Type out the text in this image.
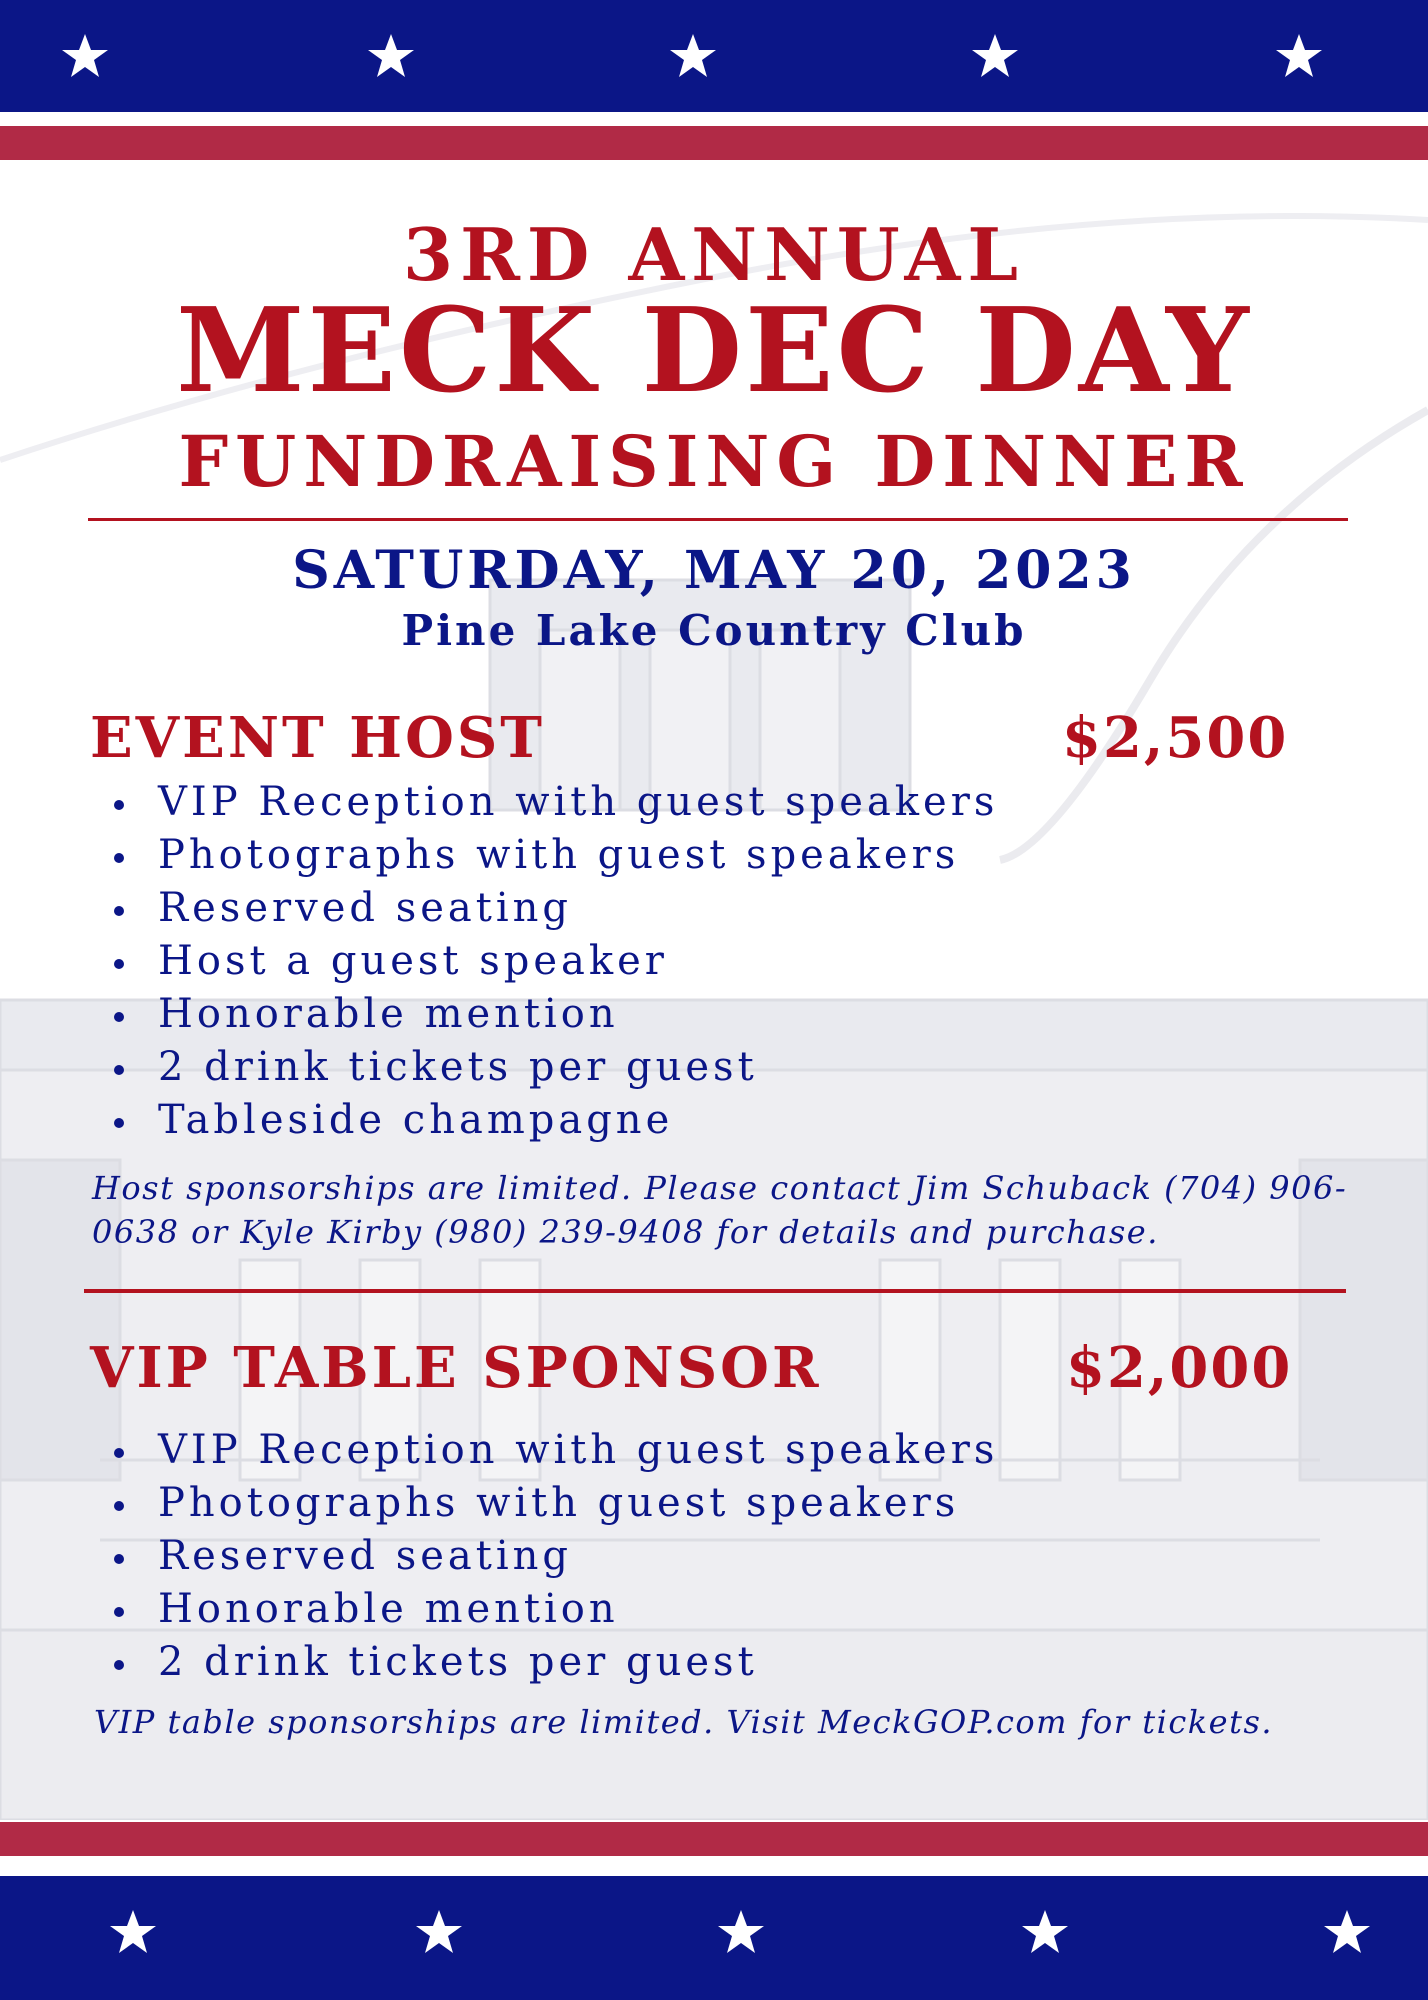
3RD ANNUAL
MECK DEC DAY
FUNDRAISING DINNER
SATURDAY, MAY 20, 2023
Pine Lake Country Club
EVENT HOST	$2,500
VIP Reception with guest speakers
Photographs with guest speakers
Reserved seating
Host a guest speaker
Honorable mention
2 drink tickets per guest
Tableside champagne
Host sponsorships are limited. Please contact Jim Schuback (704) 906-0638 or Kyle Kirby (980) 239-9408 for details and purchase.
VIP TABLE SPONSOR	$2,000
VIP Reception with guest speakers
Photographs with guest speakers
Reserved seating
Honorable mention
2 drink tickets per guest
VIP table sponsorships are limited. Visit MeckGOP.com for tickets.
